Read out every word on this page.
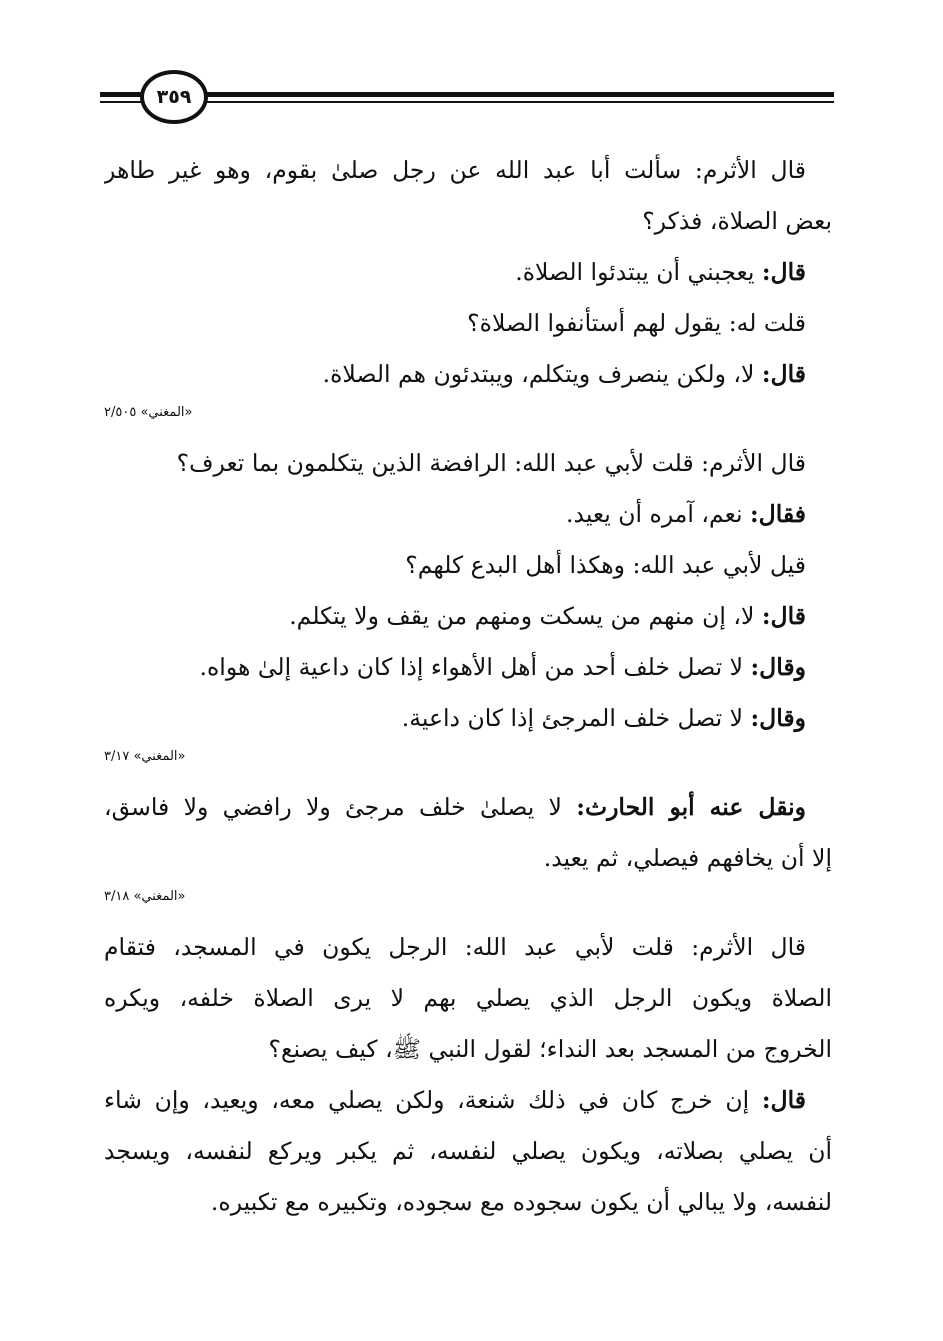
٣٥٩
قال الأثرم: سألت أبا عبد الله عن رجل صلىٰ بقوم، وهو غير طاهر
بعض الصلاة، فذكر؟
قال: يعجبني أن يبتدئوا الصلاة.
قلت له: يقول لهم أستأنفوا الصلاة؟
قال: لا، ولكن ينصرف ويتكلم، ويبتدئون هم الصلاة.
«المغني» ٢/٥٠٥
قال الأثرم: قلت لأبي عبد الله: الرافضة الذين يتكلمون بما تعرف؟
فقال: نعم، آمره أن يعيد.
قيل لأبي عبد الله: وهكذا أهل البدع كلهم؟
قال: لا، إن منهم من يسكت ومنهم من يقف ولا يتكلم.
وقال: لا تصل خلف أحد من أهل الأهواء إذا كان داعية إلىٰ هواه.
وقال: لا تصل خلف المرجئ إذا كان داعية.
«المغني» ٣/١٧
ونقل عنه أبو الحارث: لا يصلىٰ خلف مرجئ ولا رافضي ولا فاسق،
إلا أن يخافهم فيصلي، ثم يعيد.
«المغني» ٣/١٨
قال الأثرم: قلت لأبي عبد الله: الرجل يكون في المسجد، فتقام
الصلاة ويكون الرجل الذي يصلي بهم لا يرى الصلاة خلفه، ويكره
الخروج من المسجد بعد النداء؛ لقول النبي ﷺ، كيف يصنع؟
قال: إن خرج كان في ذلك شنعة، ولكن يصلي معه، ويعيد، وإن شاء
أن يصلي بصلاته، ويكون يصلي لنفسه، ثم يكبر ويركع لنفسه، ويسجد
لنفسه، ولا يبالي أن يكون سجوده مع سجوده، وتكبيره مع تكبيره.
